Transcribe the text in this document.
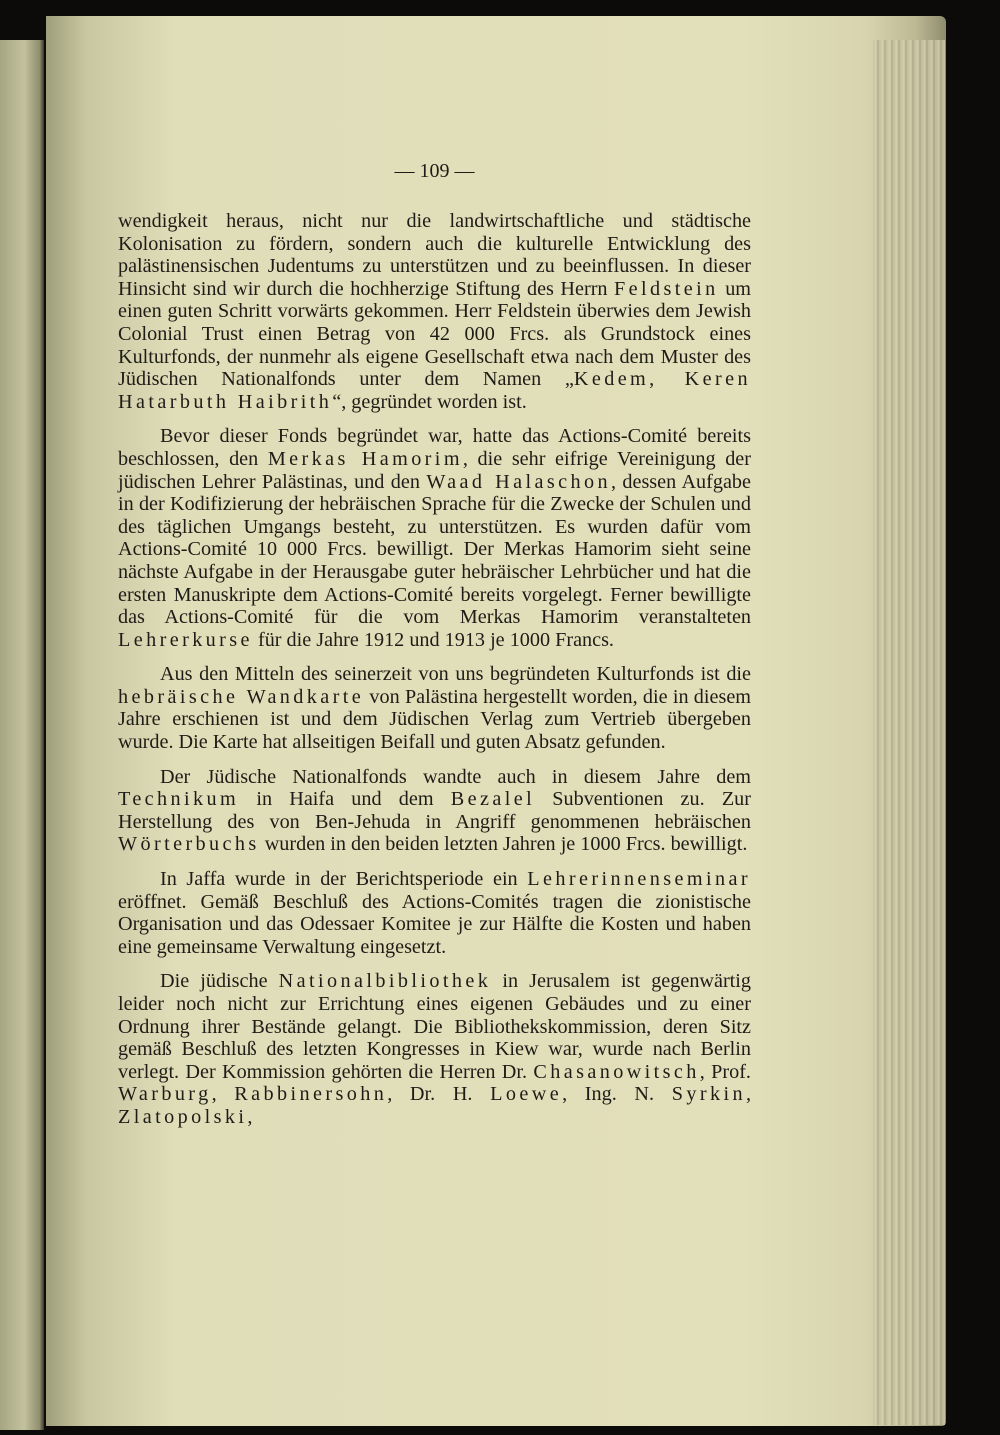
— 109 —

wendigkeit heraus, nicht nur die landwirtschaftliche und städtische Kolonisation zu fördern, sondern auch die kulturelle Entwicklung des palästinensischen Judentums zu unterstützen und zu beeinflussen. In dieser Hinsicht sind wir durch die hochherzige Stiftung des Herrn Feldstein um einen guten Schritt vorwärts gekommen. Herr Feldstein überwies dem Jewish Colonial Trust einen Betrag von 42 000 Frcs. als Grundstock eines Kulturfonds, der nunmehr als eigene Gesellschaft etwa nach dem Muster des Jüdischen Nationalfonds unter dem Namen „Kedem, Keren Hatarbuth Haibrith“, gegründet worden ist.

Bevor dieser Fonds begründet war, hatte das Actions-Comité bereits beschlossen, den Merkas Hamorim, die sehr eifrige Vereinigung der jüdischen Lehrer Palästinas, und den Waad Halaschon, dessen Aufgabe in der Kodifizierung der hebräischen Sprache für die Zwecke der Schulen und des täglichen Umgangs besteht, zu unterstützen. Es wurden dafür vom Actions-Comité 10 000 Frcs. bewilligt. Der Merkas Hamorim sieht seine nächste Aufgabe in der Herausgabe guter hebräischer Lehrbücher und hat die ersten Manuskripte dem Actions-Comité bereits vorgelegt. Ferner bewilligte das Actions-Comité für die vom Merkas Hamorim veranstalteten Lehrerkurse für die Jahre 1912 und 1913 je 1000 Francs.

Aus den Mitteln des seinerzeit von uns begründeten Kulturfonds ist die hebräische Wandkarte von Palästina hergestellt worden, die in diesem Jahre erschienen ist und dem Jüdischen Verlag zum Vertrieb übergeben wurde. Die Karte hat allseitigen Beifall und guten Absatz gefunden.

Der Jüdische Nationalfonds wandte auch in diesem Jahre dem Technikum in Haifa und dem Bezalel Subventionen zu. Zur Herstellung des von Ben-Jehuda in Angriff genommenen hebräischen Wörterbuchs wurden in den beiden letzten Jahren je 1000 Frcs. bewilligt.

In Jaffa wurde in der Berichtsperiode ein Lehrerinnenseminar eröffnet. Gemäß Beschluß des Actions-Comités tragen die zionistische Organisation und das Odessaer Komitee je zur Hälfte die Kosten und haben eine gemeinsame Verwaltung eingesetzt.

Die jüdische Nationalbibliothek in Jerusalem ist gegenwärtig leider noch nicht zur Errichtung eines eigenen Gebäudes und zu einer Ordnung ihrer Bestände gelangt. Die Bibliothekskommission, deren Sitz gemäß Beschluß des letzten Kongresses in Kiew war, wurde nach Berlin verlegt. Der Kommission gehörten die Herren Dr. Chasanowitsch, Prof. Warburg, Rabbinersohn, Dr. H. Loewe, Ing. N. Syrkin, Zlatopolski,
